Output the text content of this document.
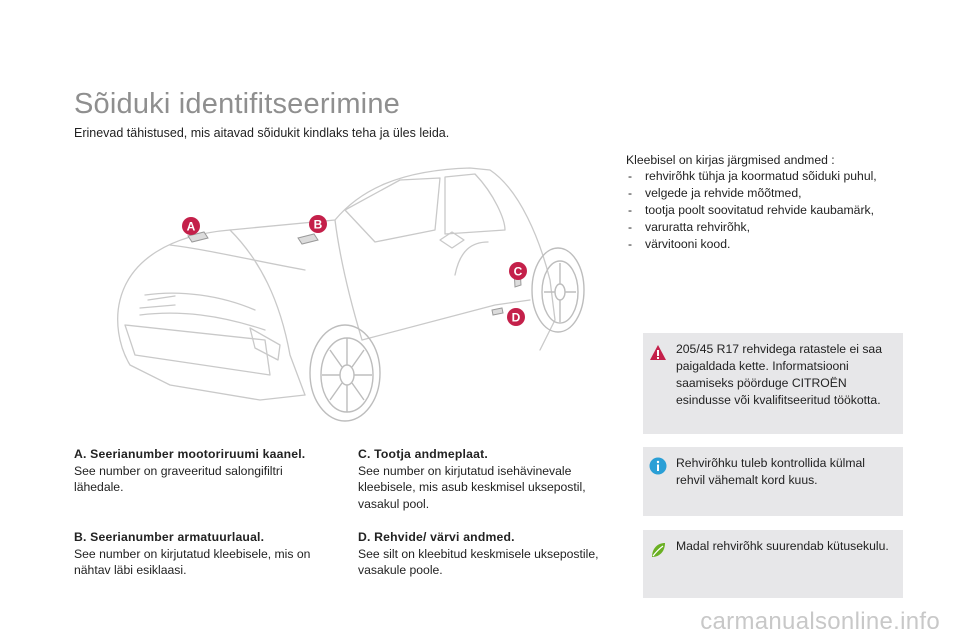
Sõiduki identifitseerimine
Erinevad tähistused, mis aitavad sõidukit kindlaks teha ja üles leida.
Kleebisel on kirjas järgmised andmed :
- rehvirõhk tühja ja koormatud sõiduki puhul,
- velgede ja rehvide mõõtmed,
- tootja poolt soovitatud rehvide kaubamärk,
- varuratta rehvirõhk,
- värvitooni kood.
A	B
C
D
A. Seerianumber mootoriruumi kaanel.
See number on graveeritud salongifiltri lähedale.
B. Seerianumber armatuurlaual.
See number on kirjutatud kleebisele, mis on nähtav läbi esiklaasi.
C. Tootja andmeplaat.
See number on kirjutatud isehävinevale kleebisele, mis asub keskmisel uksepostil, vasakul pool.
D. Rehvide/ värvi andmed.
See silt on kleebitud keskmisele uksepostile, vasakule poole.
205/45 R17 rehvidega ratastele ei saa paigaldada kette. Informatsiooni saamiseks pöörduge CITROËN esindusse või kvalifitseeritud töökotta.
Rehvirõhku tuleb kontrollida külmal rehvil vähemalt kord kuus.
Madal rehvirõhk suurendab kütusekulu.
carmanualsonline.info
